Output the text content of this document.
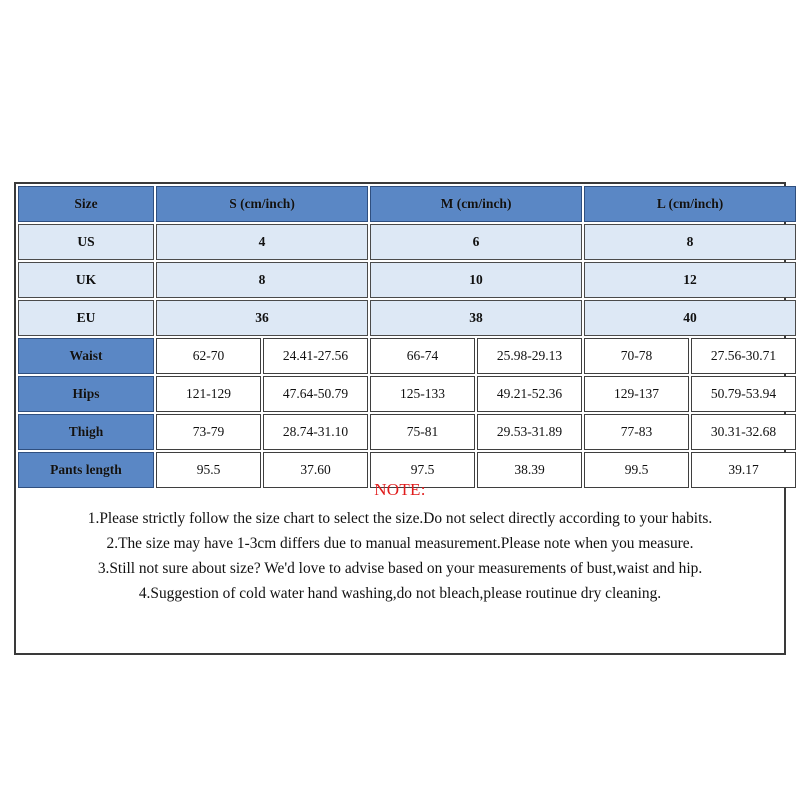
Size	S (cm/inch)		M (cm/inch)		L (cm/inch)	
US	4		6		8	
UK	8		10		12	
EU	36		38		40	
Waist	62-70	24.41-27.56	66-74	25.98-29.13	70-78	27.56-30.71
Hips	121-129	47.64-50.79	125-133	49.21-52.36	129-137	50.79-53.94
Thigh	73-79	28.74-31.10	75-81	29.53-31.89	77-83	30.31-32.68
Pants length	95.5	37.60	97.5	38.39	99.5	39.17
NOTE:
1.Please strictly follow the size chart to select the size.Do not select directly according to your habits.
2.The size may have 1-3cm differs due to manual measurement.Please note when you measure.
3.Still not sure about size? We'd love to advise based on your measurements of bust,waist and hip.
4.Suggestion of cold water hand washing,do not bleach,please routinue dry cleaning.
